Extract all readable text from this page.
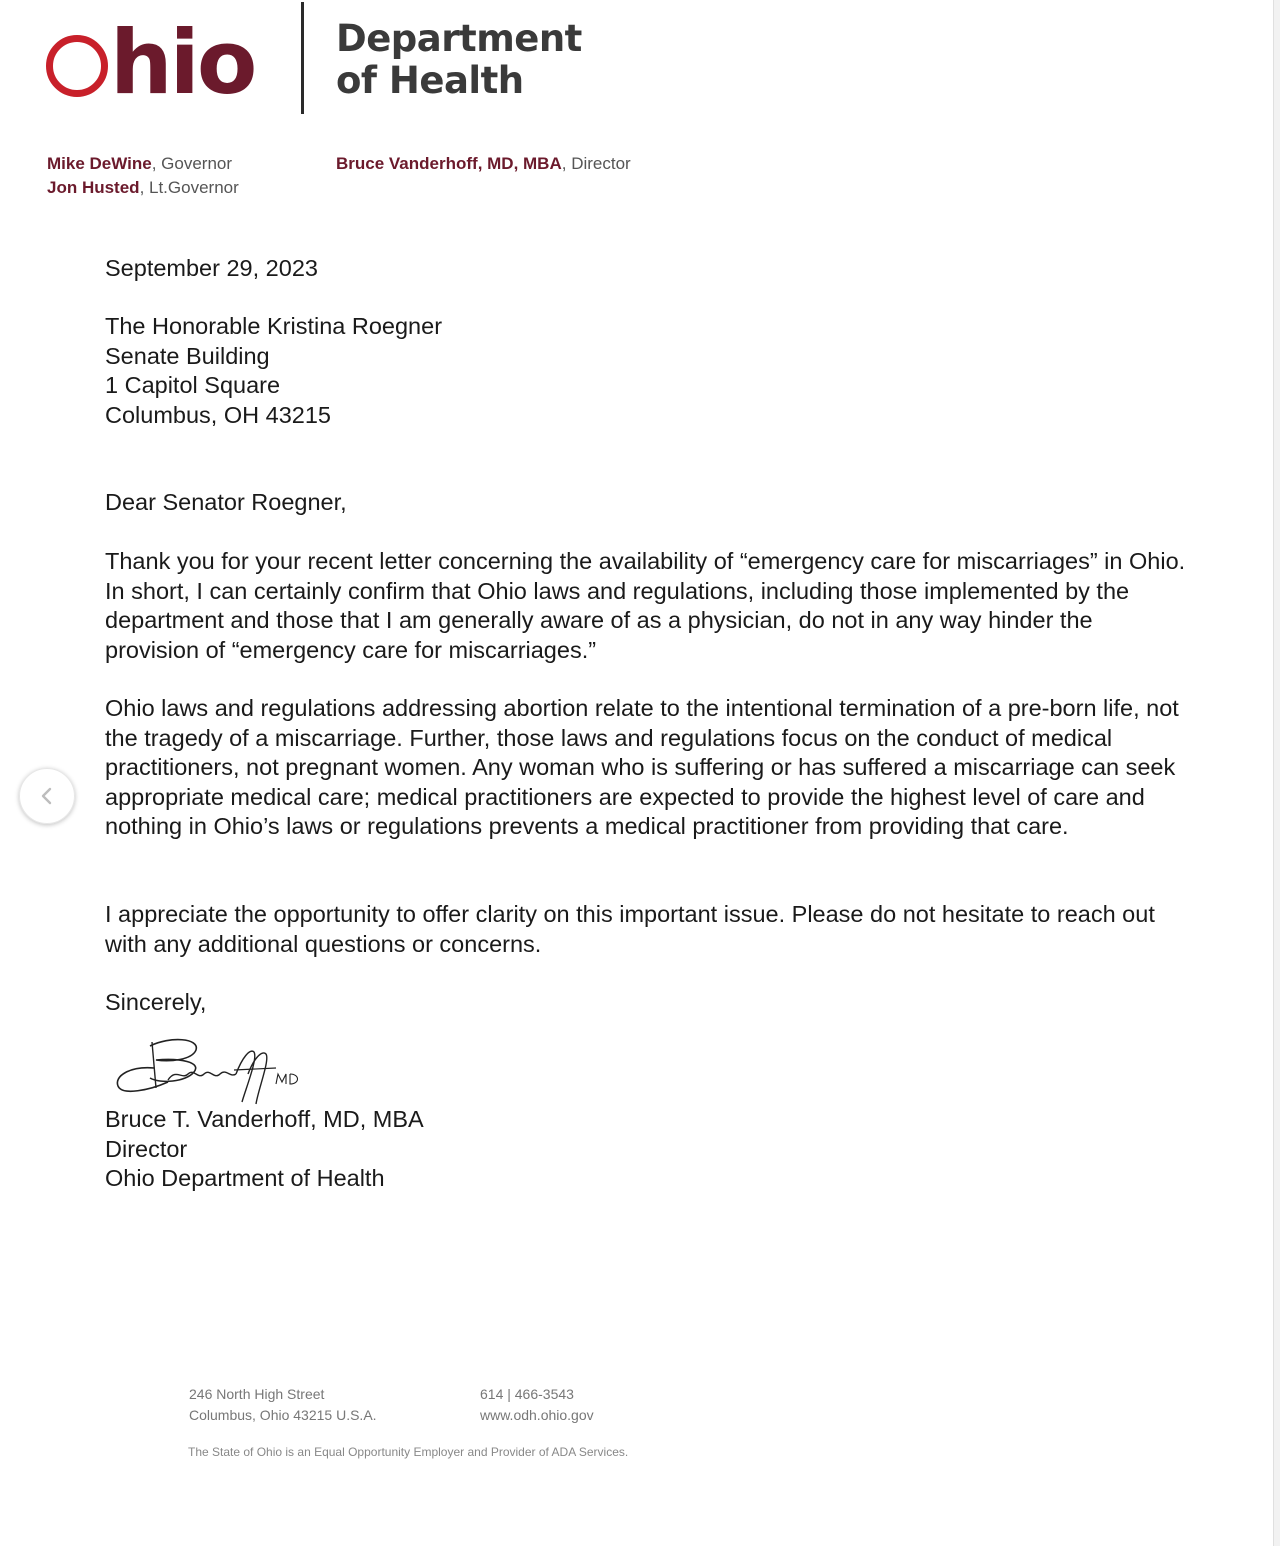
hio	Department
of Health
Mike DeWine, Governor
Jon Husted, Lt.Governor
Bruce Vanderhoff, MD, MBA, Director
September 29, 2023
The Honorable Kristina Roegner
Senate Building
1 Capitol Square
Columbus, OH 43215
Dear Senator Roegner,
Thank you for your recent letter concerning the availability of “emergency care for miscarriages” in Ohio. In short, I can certainly confirm that Ohio laws and regulations, including those implemented by the department and those that I am generally aware of as a physician, do not in any way hinder the provision of “emergency care for miscarriages.”
Ohio laws and regulations addressing abortion relate to the intentional termination of a pre-born life, not the tragedy of a miscarriage. Further, those laws and regulations focus on the conduct of medical practitioners, not pregnant women. Any woman who is suffering or has suffered a miscarriage can seek appropriate medical care; medical practitioners are expected to provide the highest level of care and nothing in Ohio’s laws or regulations prevents a medical practitioner from providing that care.
I appreciate the opportunity to offer clarity on this important issue. Please do not hesitate to reach out with any additional questions or concerns.
Sincerely,
Bruce T. Vanderhoff, MD, MBA
Director
Ohio Department of Health
246 North High Street
Columbus, Ohio 43215 U.S.A.
614 | 466-3543
www.odh.ohio.gov
The State of Ohio is an Equal Opportunity Employer and Provider of ADA Services.
